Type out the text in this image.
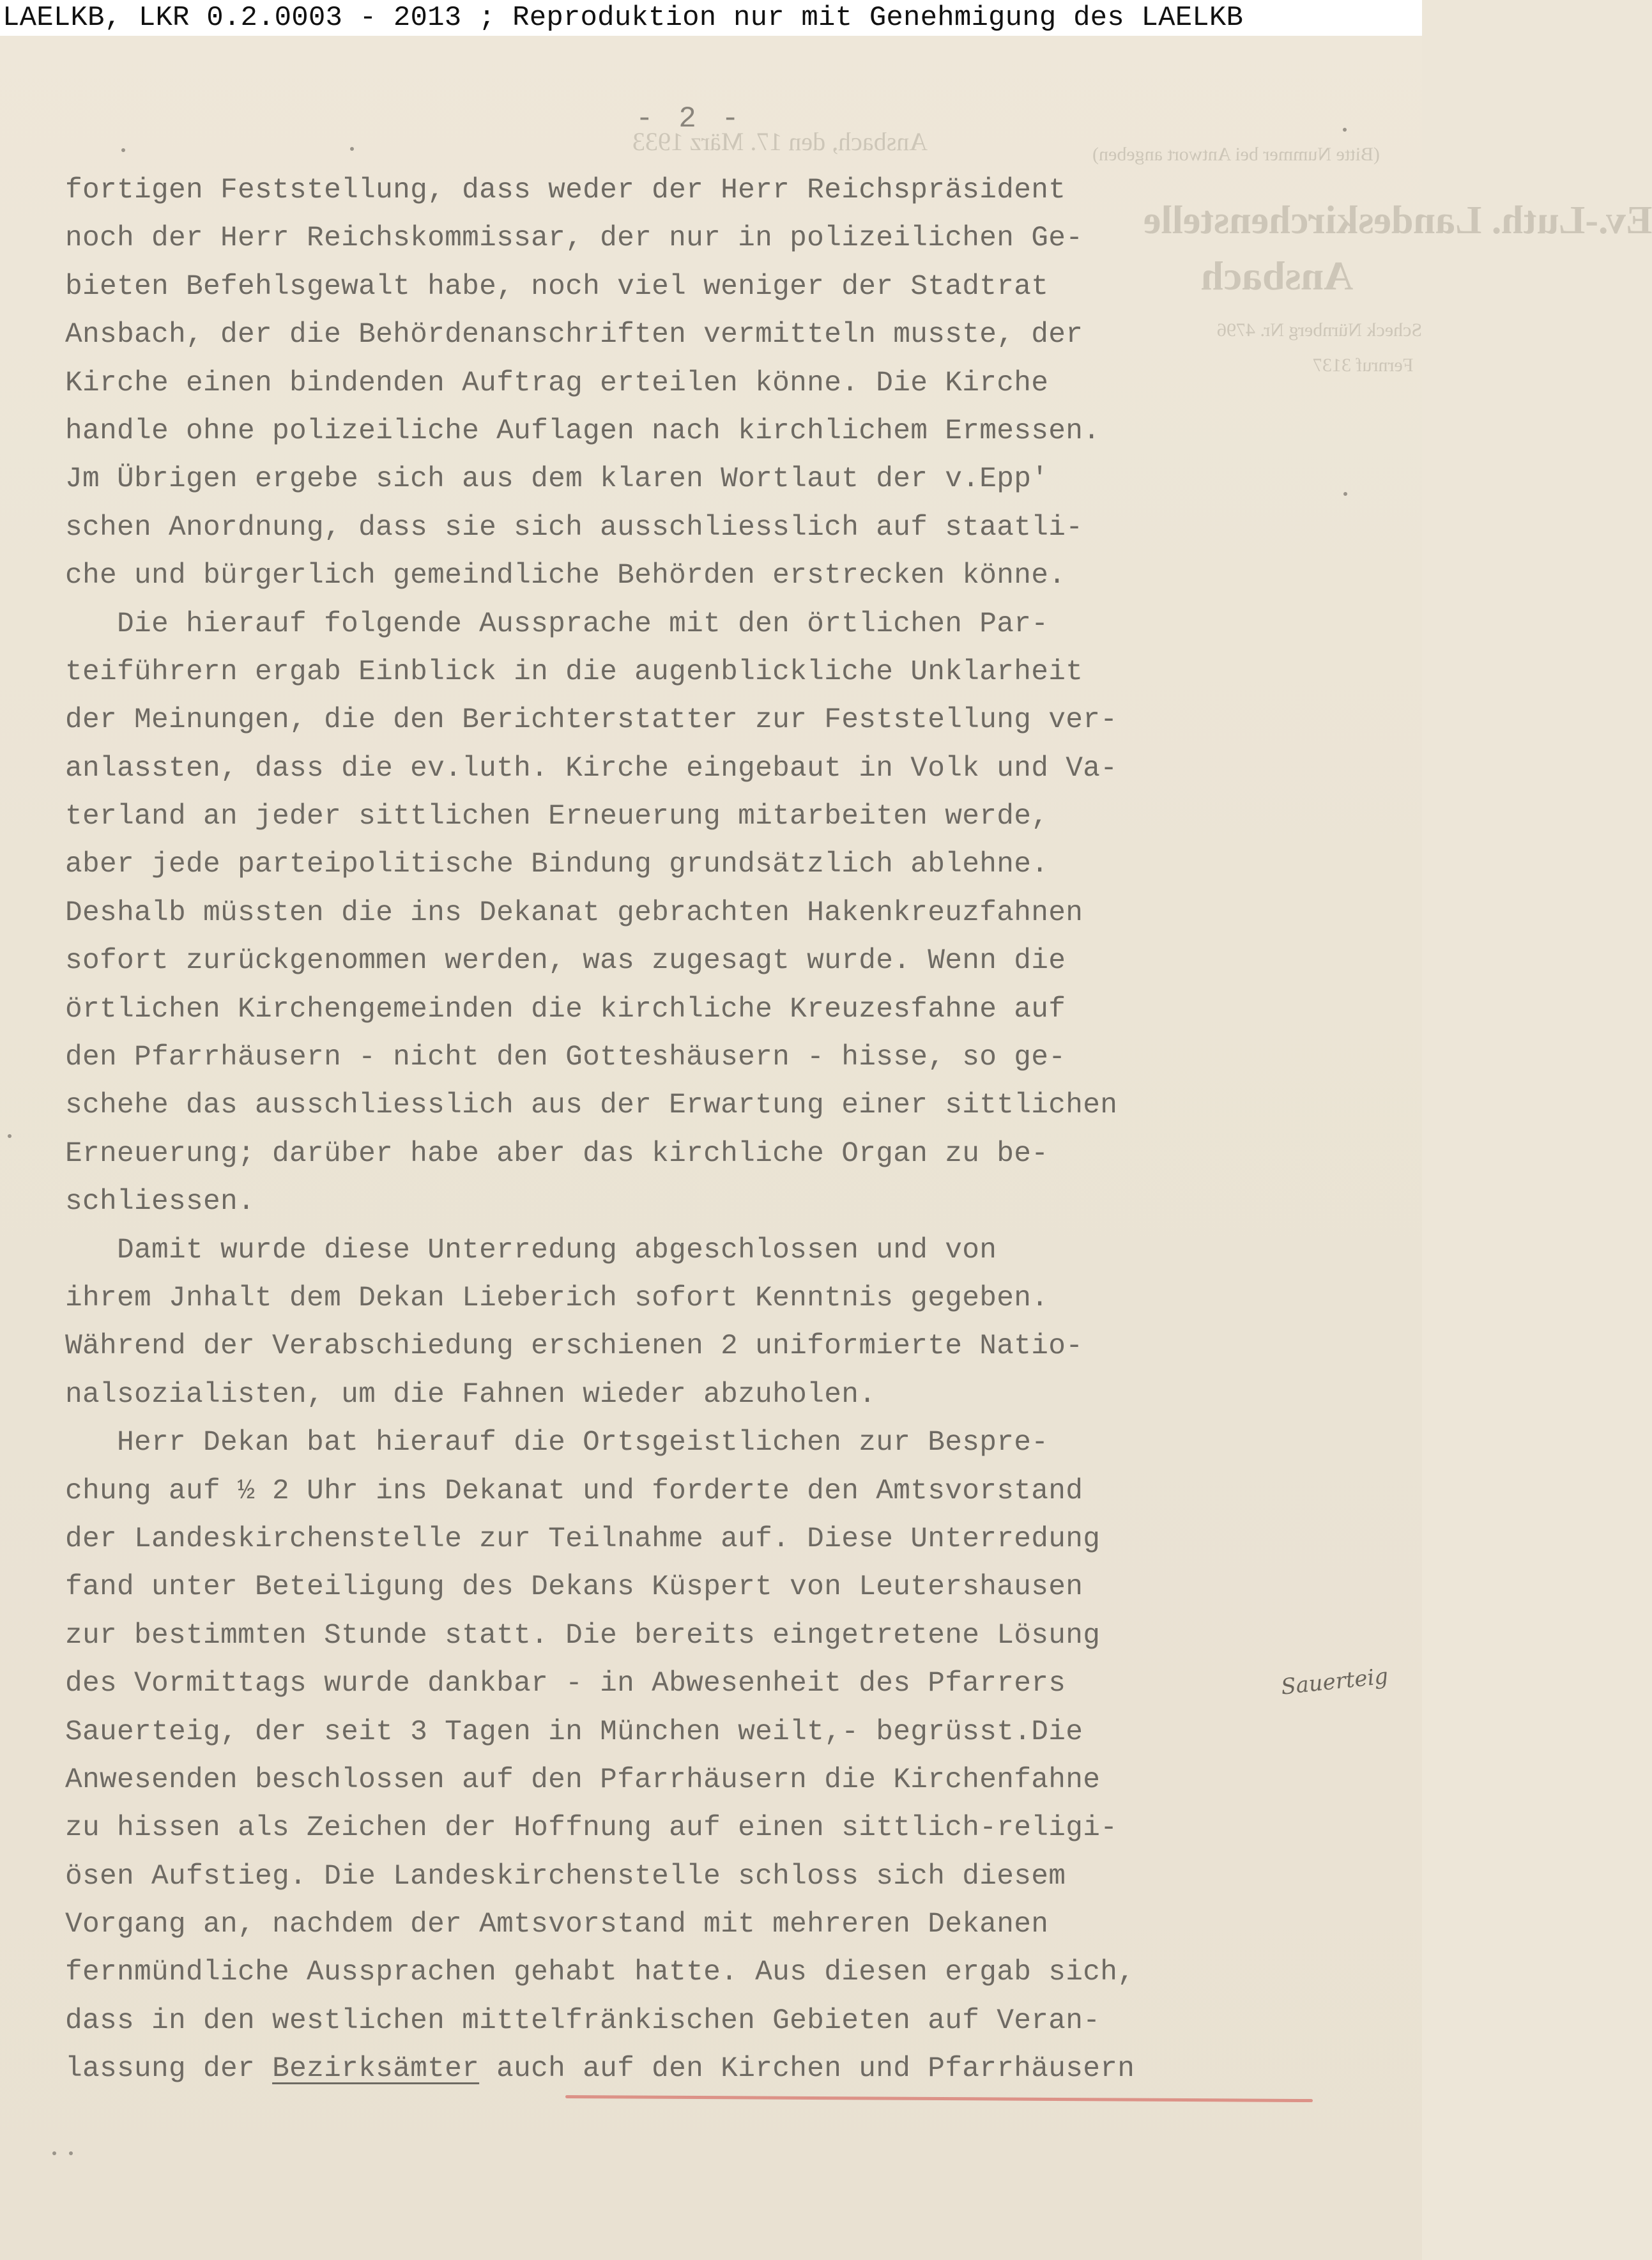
LAELKB, LKR 0.2.0003 - 2013 ; Reproduktion nur mit Genehmigung des LAELKB
Ansbach, den 17. März 1933	(Bitte Nummer bei Antwort angeben)
Ev.-Luth. Landeskirchenstelle
Ansbach
Scheck Nürnberg Nr. 4796
Fernruf 3137
- 2 -
fortigen Feststellung, dass weder der Herr Reichspräsident
noch der Herr Reichskommissar, der nur in polizeilichen Ge-
bieten Befehlsgewalt habe, noch viel weniger der Stadtrat
Ansbach, der die Behördenanschriften vermitteln musste, der
Kirche einen bindenden Auftrag erteilen könne. Die Kirche
handle ohne polizeiliche Auflagen nach kirchlichem Ermessen.
Jm Übrigen ergebe sich aus dem klaren Wortlaut der v.Epp'
schen Anordnung, dass sie sich ausschliesslich auf staatli-
che und bürgerlich gemeindliche Behörden erstrecken könne.
Die hierauf folgende Aussprache mit den örtlichen Par-
teiführern ergab Einblick in die augenblickliche Unklarheit
der Meinungen, die den Berichterstatter zur Feststellung ver-
anlassten, dass die ev.luth. Kirche eingebaut in Volk und Va-
terland an jeder sittlichen Erneuerung mitarbeiten werde,
aber jede parteipolitische Bindung grundsätzlich ablehne.
Deshalb müssten die ins Dekanat gebrachten Hakenkreuzfahnen
sofort zurückgenommen werden, was zugesagt wurde. Wenn die
örtlichen Kirchengemeinden die kirchliche Kreuzesfahne auf
den Pfarrhäusern - nicht den Gotteshäusern - hisse, so ge-
schehe das ausschliesslich aus der Erwartung einer sittlichen
Erneuerung; darüber habe aber das kirchliche Organ zu be-
schliessen.
Damit wurde diese Unterredung abgeschlossen und von
ihrem Jnhalt dem Dekan Lieberich sofort Kenntnis gegeben.
Während der Verabschiedung erschienen 2 uniformierte Natio-
nalsozialisten, um die Fahnen wieder abzuholen.
Herr Dekan bat hierauf die Ortsgeistlichen zur Bespre-
chung auf ½ 2 Uhr ins Dekanat und forderte den Amtsvorstand
der Landeskirchenstelle zur Teilnahme auf. Diese Unterredung
fand unter Beteiligung des Dekans Küspert von Leutershausen
zur bestimmten Stunde statt. Die bereits eingetretene Lösung
des Vormittags wurde dankbar - in Abwesenheit des Pfarrers
Sauerteig, der seit 3 Tagen in München weilt,- begrüsst.Die
Anwesenden beschlossen auf den Pfarrhäusern die Kirchenfahne
zu hissen als Zeichen der Hoffnung auf einen sittlich-religi-
ösen Aufstieg. Die Landeskirchenstelle schloss sich diesem
Vorgang an, nachdem der Amtsvorstand mit mehreren Dekanen
fernmündliche Aussprachen gehabt hatte. Aus diesen ergab sich,
dass in den westlichen mittelfränkischen Gebieten auf Veran-
lassung der Bezirksämter auch auf den Kirchen und Pfarrhäusern
Sauerteig
